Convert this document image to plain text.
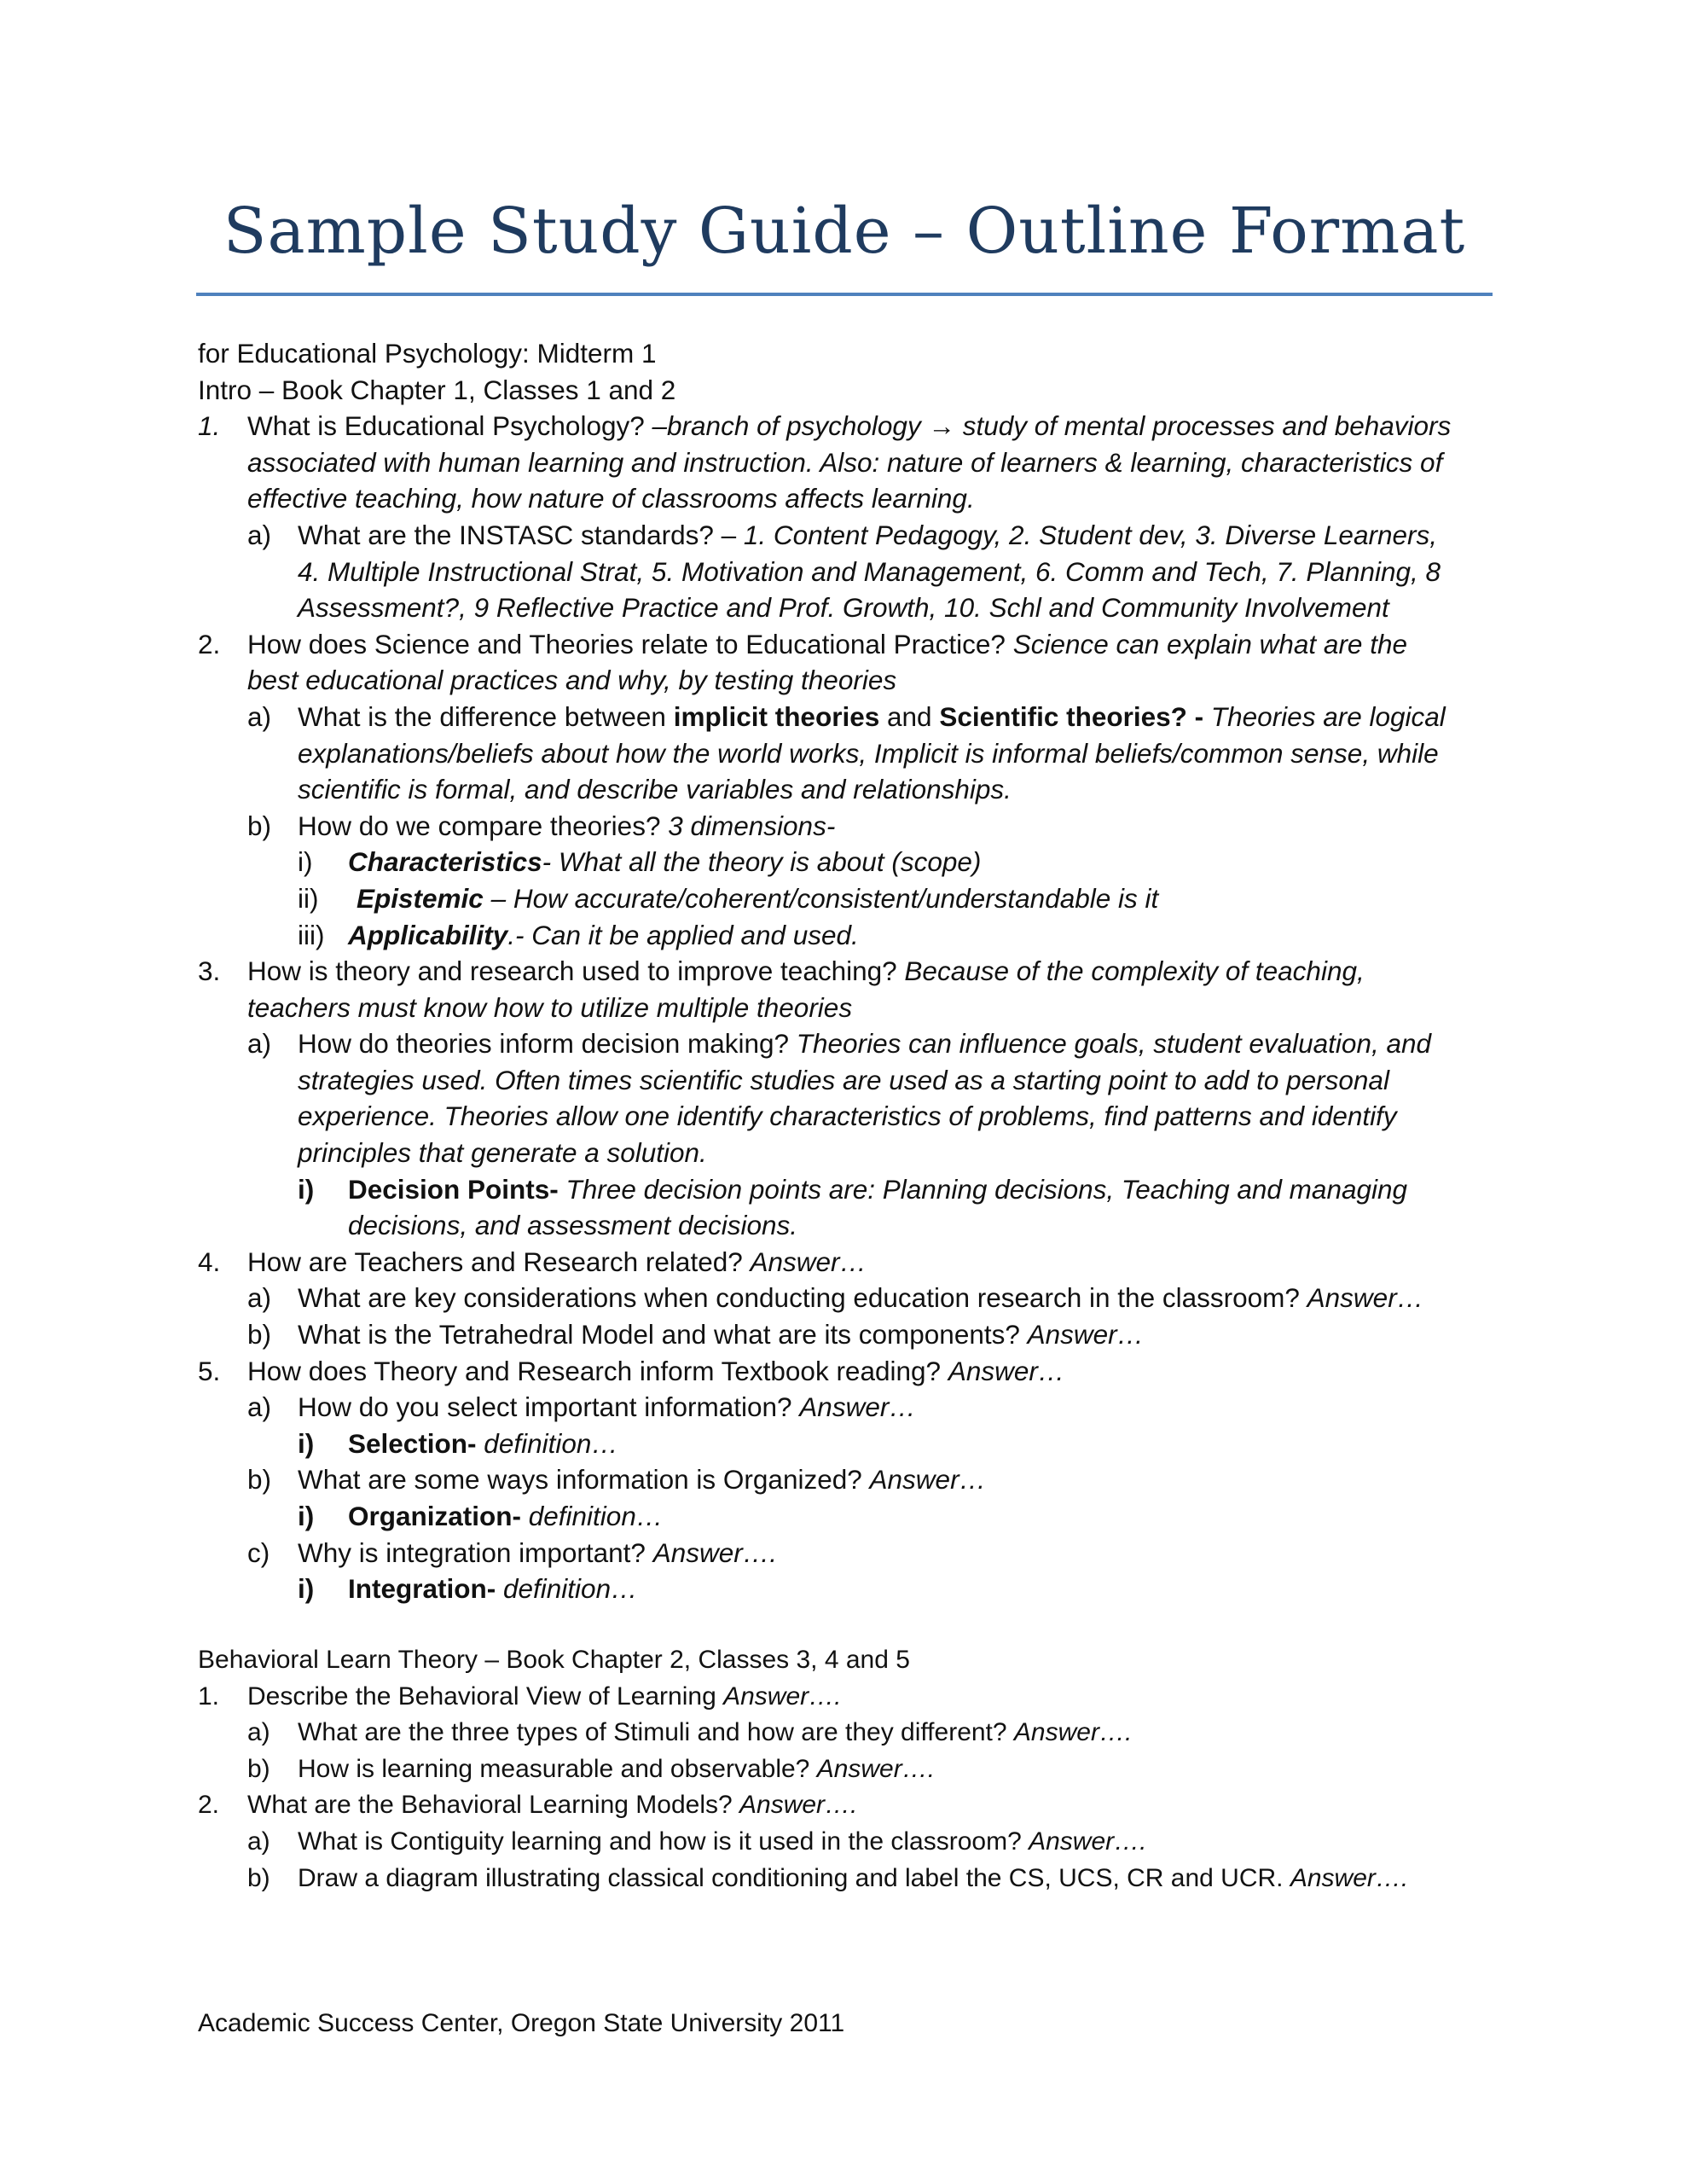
Sample Study Guide – Outline Format
for Educational Psychology: Midterm 1
Intro – Book Chapter 1, Classes 1 and 2
1. What is Educational Psychology? –branch of psychology → study of mental processes and behaviors
associated with human learning and instruction. Also: nature of learners & learning, characteristics of
effective teaching, how nature of classrooms affects learning.
a) What are the INSTASC standards? – 1. Content Pedagogy, 2. Student dev, 3. Diverse Learners,
4. Multiple Instructional Strat, 5. Motivation and Management, 6. Comm and Tech, 7. Planning, 8
Assessment?, 9 Reflective Practice and Prof. Growth, 10. Schl and Community Involvement
2. How does Science and Theories relate to Educational Practice? Science can explain what are the
best educational practices and why, by testing theories
a) What is the difference between implicit theories and Scientific theories? - Theories are logical
explanations/beliefs about how the world works, Implicit is informal beliefs/common sense, while
scientific is formal, and describe variables and relationships.
b) How do we compare theories? 3 dimensions-
i) Characteristics- What all the theory is about (scope)
ii) Epistemic – How accurate/coherent/consistent/understandable is it
iii) Applicability.- Can it be applied and used.
3. How is theory and research used to improve teaching? Because of the complexity of teaching,
teachers must know how to utilize multiple theories
a) How do theories inform decision making? Theories can influence goals, student evaluation, and
strategies used. Often times scientific studies are used as a starting point to add to personal
experience. Theories allow one identify characteristics of problems, find patterns and identify
principles that generate a solution.
i) Decision Points- Three decision points are: Planning decisions, Teaching and managing
decisions, and assessment decisions.
4. How are Teachers and Research related? Answer…
a) What are key considerations when conducting education research in the classroom? Answer…
b) What is the Tetrahedral Model and what are its components? Answer…
5. How does Theory and Research inform Textbook reading? Answer…
a) How do you select important information? Answer…
i) Selection- definition…
b) What are some ways information is Organized? Answer…
i) Organization- definition…
c) Why is integration important? Answer….
i) Integration- definition…
Behavioral Learn Theory – Book Chapter 2, Classes 3, 4 and 5
1. Describe the Behavioral View of Learning Answer….
a) What are the three types of Stimuli and how are they different? Answer….
b) How is learning measurable and observable? Answer….
2. What are the Behavioral Learning Models? Answer….
a) What is Contiguity learning and how is it used in the classroom? Answer….
b) Draw a diagram illustrating classical conditioning and label the CS, UCS, CR and UCR. Answer….
Academic Success Center, Oregon State University 2011
